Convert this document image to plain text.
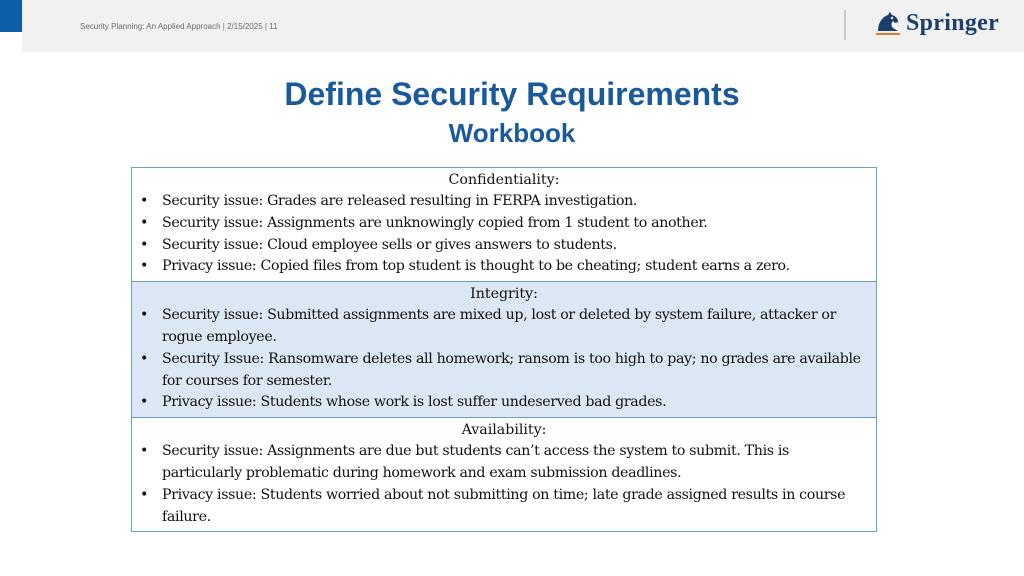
Security Planning: An Applied Approach | 2/15/2025 | 11	Springer
Define Security Requirements
Workbook
Confidentiality:
• Security issue: Grades are released resulting in FERPA investigation.
• Security issue: Assignments are unknowingly copied from 1 student to another.
• Security issue: Cloud employee sells or gives answers to students.
• Privacy issue: Copied files from top student is thought to be cheating; student earns a zero.
Integrity:
• Security issue: Submitted assignments are mixed up, lost or deleted by system failure, attacker or rogue employee.
• Security Issue: Ransomware deletes all homework; ransom is too high to pay; no grades are available for courses for semester.
• Privacy issue: Students whose work is lost suffer undeserved bad grades.
Availability:
• Security issue: Assignments are due but students can’t access the system to submit. This is particularly problematic during homework and exam submission deadlines.
• Privacy issue: Students worried about not submitting on time; late grade assigned results in course failure.
